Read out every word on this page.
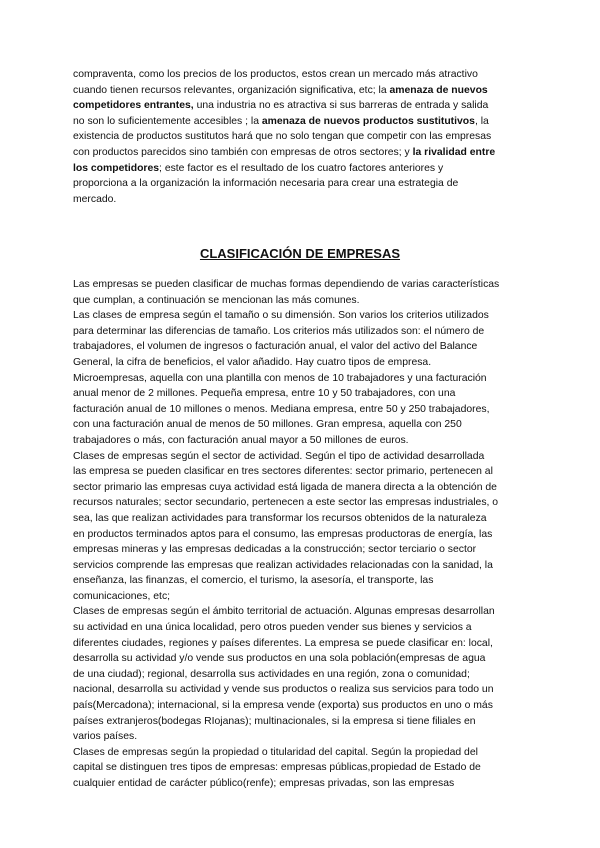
compraventa, como los precios de los productos, estos crean un mercado más atractivo
cuando tienen recursos relevantes, organización significativa, etc; la amenaza de nuevos
competidores entrantes, una industria no es atractiva si sus barreras de entrada y salida
no son lo suficientemente accesibles ; la amenaza de nuevos productos sustitutivos, la
existencia de productos sustitutos hará que no solo tengan que competir con las empresas
con productos parecidos sino también con empresas de otros sectores; y la rivalidad entre
los competidores; este factor es el resultado de los cuatro factores anteriores y
proporciona a la organización la información necesaria para crear una estrategia de
mercado.
CLASIFICACIÓN DE EMPRESAS
Las empresas se pueden clasificar de muchas formas dependiendo de varias características
que cumplan, a continuación se mencionan las más comunes.
Las clases de empresa según el tamaño o su dimensión. Son varios los criterios utilizados
para determinar las diferencias de tamaño. Los criterios más utilizados son: el número de
trabajadores, el volumen de ingresos o facturación anual, el valor del activo del Balance
General, la cifra de beneficios, el valor añadido. Hay cuatro tipos de empresa.
Microempresas, aquella con una plantilla con menos de 10 trabajadores y una facturación
anual menor de 2 millones. Pequeña empresa, entre 10 y 50 trabajadores, con una
facturación anual de 10 millones o menos. Mediana empresa, entre 50 y 250 trabajadores,
con una facturación anual de menos de 50 millones. Gran empresa, aquella con 250
trabajadores o más, con facturación anual mayor a 50 millones de euros.
Clases de empresas según el sector de actividad. Según el tipo de actividad desarrollada
las empresa se pueden clasificar en tres sectores diferentes: sector primario, pertenecen al
sector primario las empresas cuya actividad está ligada de manera directa a la obtención de
recursos naturales; sector secundario, pertenecen a este sector las empresas industriales, o
sea, las que realizan actividades para transformar los recursos obtenidos de la naturaleza
en productos terminados aptos para el consumo, las empresas productoras de energía, las
empresas mineras y las empresas dedicadas a la construcción; sector terciario o sector
servicios comprende las empresas que realizan actividades relacionadas con la sanidad, la
enseñanza, las finanzas, el comercio, el turismo, la asesoría, el transporte, las
comunicaciones, etc;
Clases de empresas según el ámbito territorial de actuación. Algunas empresas desarrollan
su actividad en una única localidad, pero otros pueden vender sus bienes y servicios a
diferentes ciudades, regiones y países diferentes. La empresa se puede clasificar en: local,
desarrolla su actividad y/o vende sus productos en una sola población(empresas de agua
de una ciudad); regional, desarrolla sus actividades en una región, zona o comunidad;
nacional, desarrolla su actividad y vende sus productos o realiza sus servicios para todo un
país(Mercadona); internacional, si la empresa vende (exporta) sus productos en uno o más
países extranjeros(bodegas RIojanas); multinacionales, si la empresa si tiene filiales en
varios países.
Clases de empresas según la propiedad o titularidad del capital. Según la propiedad del
capital se distinguen tres tipos de empresas: empresas públicas,propiedad de Estado de
cualquier entidad de carácter público(renfe); empresas privadas, son las empresas
